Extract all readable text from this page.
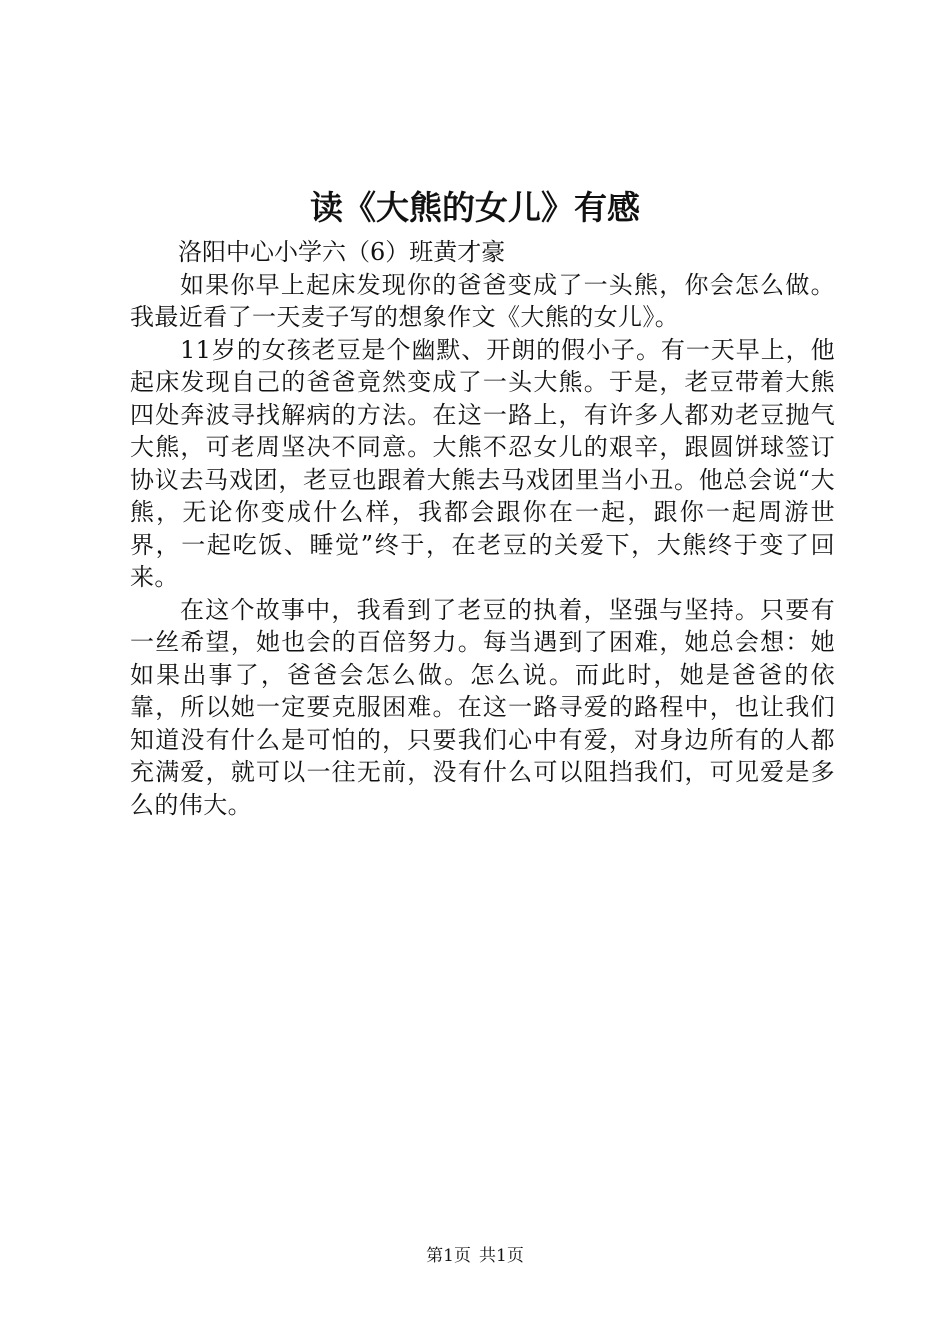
读《大熊的女儿》有感

洛阳中心小学六（6）班黄才豪

如果你早上起床发现你的爸爸变成了一头熊，你会怎么做。我最近看了一天麦子写的想象作文《大熊的女儿》。

11岁的女孩老豆是个幽默、开朗的假小子。有一天早上，他起床发现自己的爸爸竟然变成了一头大熊。于是，老豆带着大熊四处奔波寻找解病的方法。在这一路上，有许多人都劝老豆抛气大熊，可老周坚决不同意。大熊不忍女儿的艰辛，跟圆饼球签订协议去马戏团，老豆也跟着大熊去马戏团里当小丑。他总会说“大熊，无论你变成什么样，我都会跟你在一起，跟你一起周游世界，一起吃饭、睡觉”终于，在老豆的关爱下，大熊终于变了回来。

在这个故事中，我看到了老豆的执着，坚强与坚持。只要有一丝希望，她也会的百倍努力。每当遇到了困难，她总会想：她如果出事了，爸爸会怎么做。怎么说。而此时，她是爸爸的依靠，所以她一定要克服困难。在这一路寻爱的路程中，也让我们知道没有什么是可怕的，只要我们心中有爱，对身边所有的人都充满爱，就可以一往无前，没有什么可以阻挡我们，可见爱是多么的伟大。

第1页 共1页
